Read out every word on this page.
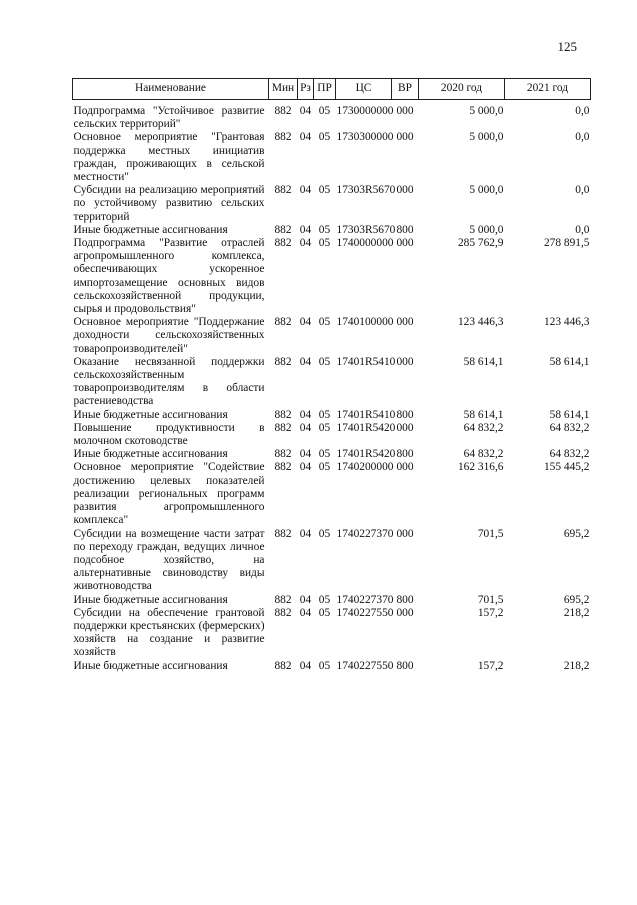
125
Наименование	Мин	Рз	ПР	ЦС	ВР	2020 год	2021 год
Подпрограмма "Устойчивое развитие сельских территорий"	882	04	05	1730000000	000	5 000,0	0,0
Основное мероприятие "Грантовая поддержка местных инициатив граждан, проживающих в сельской местности"	882	04	05	1730300000	000	5 000,0	0,0
Субсидии на реализацию мероприятий по устойчивому развитию сельских территорий	882	04	05	17303R5670	000	5 000,0	0,0
Иные бюджетные ассигнования	882	04	05	17303R5670	800	5 000,0	0,0
Подпрограмма "Развитие отраслей агропромышленного комплекса, обеспечивающих ускоренное импортозамещение основных видов сельскохозяйственной продукции, сырья и продовольствия"	882	04	05	1740000000	000	285 762,9	278 891,5
Основное мероприятие "Поддержание доходности сельскохозяйственных товаропроизводителей"	882	04	05	1740100000	000	123 446,3	123 446,3
Оказание несвязанной поддержки сельскохозяйственным товаропроизводителям в области растениеводства	882	04	05	17401R5410	000	58 614,1	58 614,1
Иные бюджетные ассигнования	882	04	05	17401R5410	800	58 614,1	58 614,1
Повышение продуктивности в молочном скотоводстве	882	04	05	17401R5420	000	64 832,2	64 832,2
Иные бюджетные ассигнования	882	04	05	17401R5420	800	64 832,2	64 832,2
Основное мероприятие "Содействие достижению целевых показателей реализации региональных программ развития агропромышленного комплекса"	882	04	05	1740200000	000	162 316,6	155 445,2
Субсидии на возмещение части затрат по переходу граждан, ведущих личное подсобное хозяйство, на альтернативные свиноводству виды животноводства	882	04	05	1740227370	000	701,5	695,2
Иные бюджетные ассигнования	882	04	05	1740227370	800	701,5	695,2
Субсидии на обеспечение грантовой поддержки крестьянских (фермерских) хозяйств на создание и развитие хозяйств	882	04	05	1740227550	000	157,2	218,2
Иные бюджетные ассигнования	882	04	05	1740227550	800	157,2	218,2
